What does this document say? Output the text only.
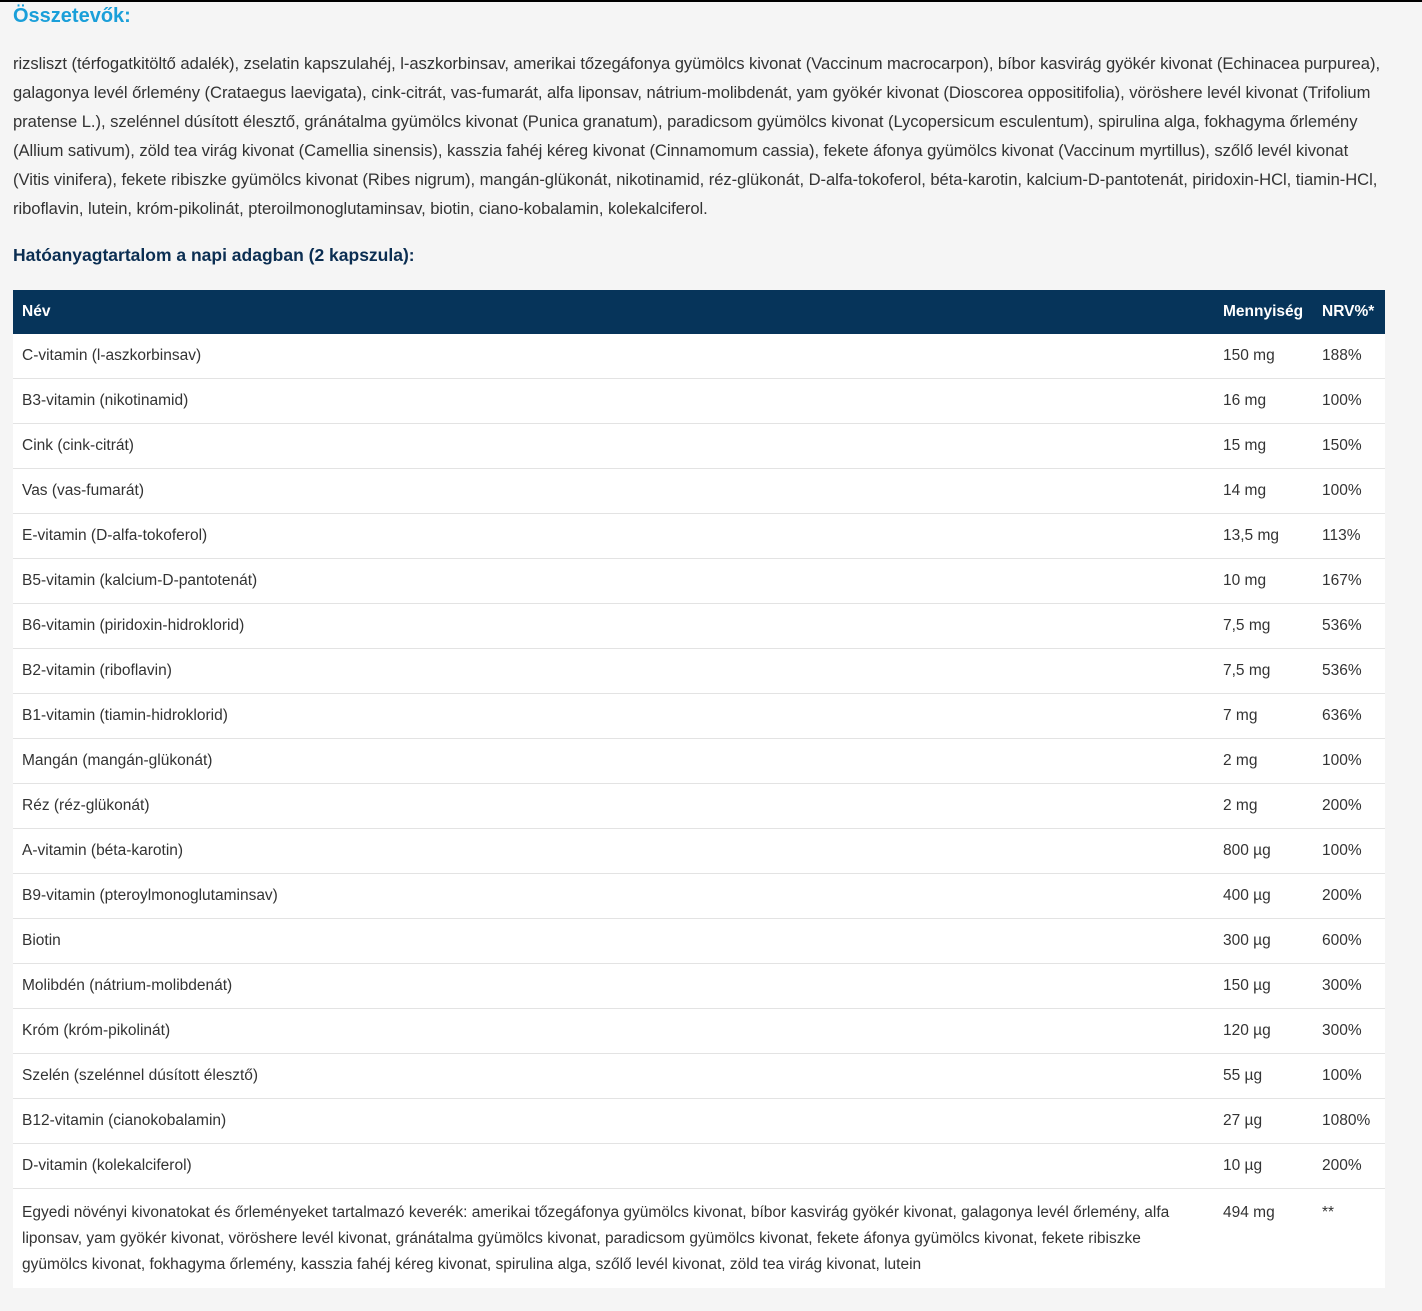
Összetevők:

rizsliszt (térfogatkitöltő adalék), zselatin kapszulahéj, l-aszkorbinsav, amerikai tőzegáfonya gyümölcs kivonat (Vaccinum macrocarpon), bíbor kasvirág gyökér kivonat (Echinacea purpurea), galagonya levél őrlemény (Crataegus laevigata), cink-citrát, vas-fumarát, alfa liponsav, nátrium-molibdenát, yam gyökér kivonat (Dioscorea oppositifolia), vöröshere levél kivonat (Trifolium pratense L.), szelénnel dúsított élesztő, gránátalma gyümölcs kivonat (Punica granatum), paradicsom gyümölcs kivonat (Lycopersicum esculentum), spirulina alga, fokhagyma őrlemény (Allium sativum), zöld tea virág kivonat (Camellia sinensis), kasszia fahéj kéreg kivonat (Cinnamomum cassia), fekete áfonya gyümölcs kivonat (Vaccinum myrtillus), szőlő levél kivonat (Vitis vinifera), fekete ribiszke gyümölcs kivonat (Ribes nigrum), mangán-glükonát, nikotinamid, réz-glükonát, D-alfa-tokoferol, béta-karotin, kalcium-D-pantotenát, piridoxin-HCl, tiamin-HCl, riboflavin, lutein, króm-pikolinát, pteroilmonoglutaminsav, biotin, ciano-kobalamin, kolekalciferol.

Hatóanyagtartalom a napi adagban (2 kapszula):
Név	Mennyiség	NRV%*
C-vitamin (l-aszkorbinsav)	150 mg	188%
B3-vitamin (nikotinamid)	16 mg	100%
Cink (cink-citrát)	15 mg	150%
Vas (vas-fumarát)	14 mg	100%
E-vitamin (D-alfa-tokoferol)	13,5 mg	113%
B5-vitamin (kalcium-D-pantotenát)	10 mg	167%
B6-vitamin (piridoxin-hidroklorid)	7,5 mg	536%
B2-vitamin (riboflavin)	7,5 mg	536%
B1-vitamin (tiamin-hidroklorid)	7 mg	636%
Mangán (mangán-glükonát)	2 mg	100%
Réz (réz-glükonát)	2 mg	200%
A-vitamin (béta-karotin)	800 µg	100%
B9-vitamin (pteroylmonoglutaminsav)	400 µg	200%
Biotin	300 µg	600%
Molibdén (nátrium-molibdenát)	150 µg	300%
Króm (króm-pikolinát)	120 µg	300%
Szelén (szelénnel dúsított élesztő)	55 µg	100%
B12-vitamin (cianokobalamin)	27 µg	1080%
D-vitamin (kolekalciferol)	10 µg	200%
Egyedi növényi kivonatokat és őrleményeket tartalmazó keverék: amerikai tőzegáfonya gyümölcs kivonat, bíbor kasvirág gyökér kivonat, galagonya levél őrlemény, alfa liponsav, yam gyökér kivonat, vöröshere levél kivonat, gránátalma gyümölcs kivonat, paradicsom gyümölcs kivonat, fekete áfonya gyümölcs kivonat, fekete ribiszke gyümölcs kivonat, fokhagyma őrlemény, kasszia fahéj kéreg kivonat, spirulina alga, szőlő levél kivonat, zöld tea virág kivonat, lutein	494 mg	**
